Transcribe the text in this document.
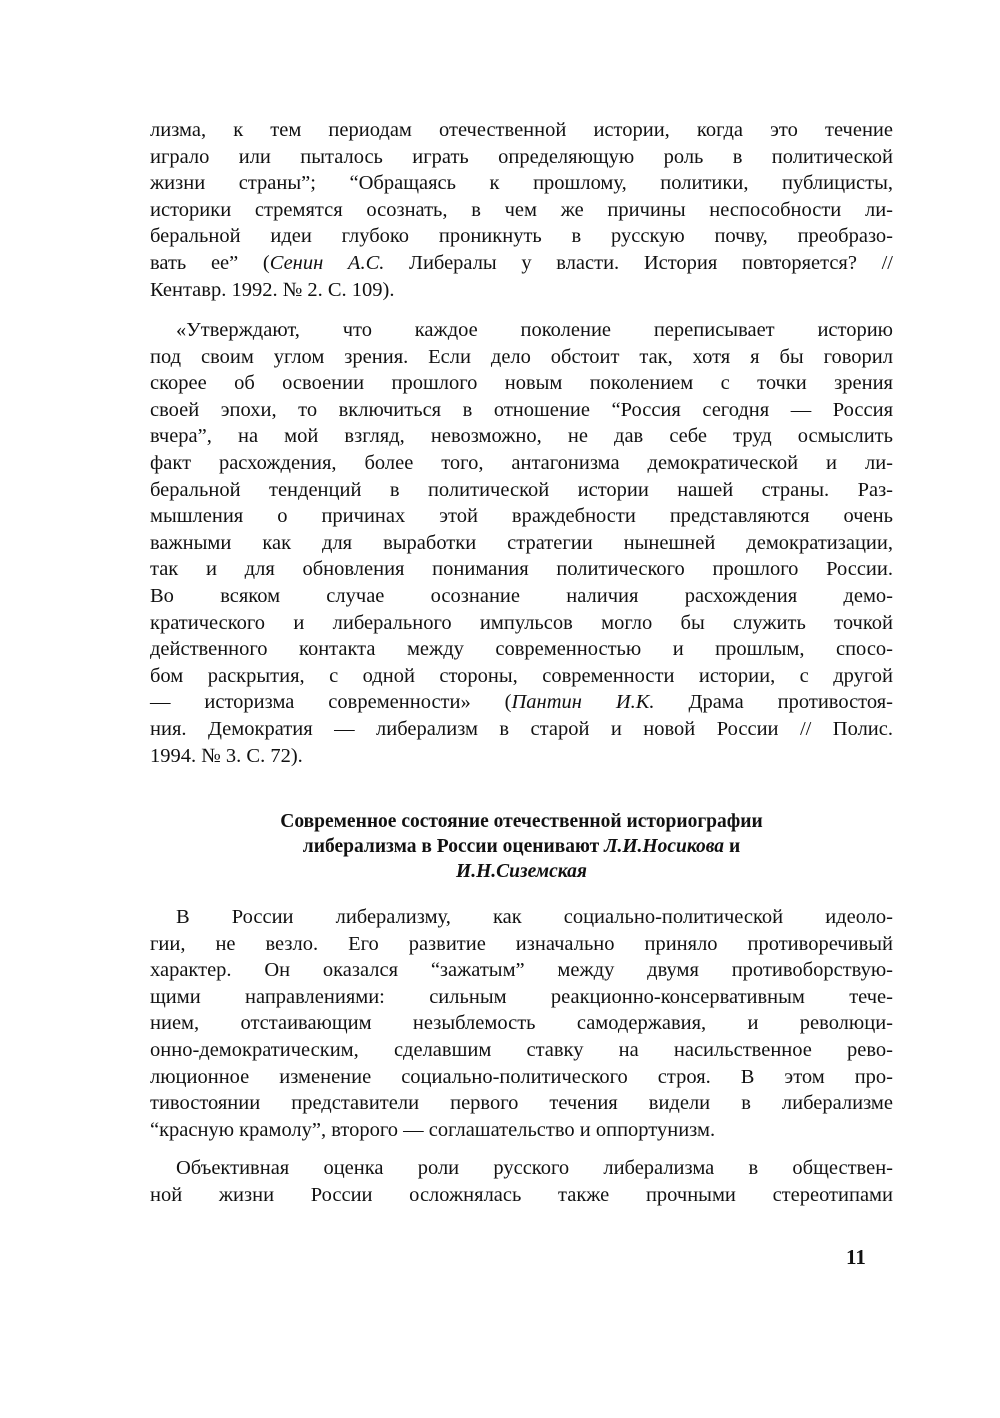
лизма, к тем периодам отечественной истории, когда это течение
играло или пыталось играть определяющую роль в политической
жизни страны”; “Обращаясь к прошлому, политики, публицисты,
историки стремятся осознать, в чем же причины неспособности ли-
беральной идеи глубоко проникнуть в русскую почву, преобразо-
вать ее” (Сенин А.С. Либералы у власти. История повторяется? //
Кентавр. 1992. № 2. С. 109).
«Утверждают, что каждое поколение переписывает историю
под своим углом зрения. Если дело обстоит так, хотя я бы говорил
скорее об освоении прошлого новым поколением с точки зрения
своей эпохи, то включиться в отношение “Россия сегодня — Россия
вчера”, на мой взгляд, невозможно, не дав себе труд осмыслить
факт расхождения, более того, антагонизма демократической и ли-
беральной тенденций в политической истории нашей страны. Раз-
мышления о причинах этой враждебности представляются очень
важными как для выработки стратегии нынешней демократизации,
так и для обновления понимания политического прошлого России.
Во всяком случае осознание наличия расхождения демо-
кратического и либерального импульсов могло бы служить точкой
действенного контакта между современностью и прошлым, спосо-
бом раскрытия, с одной стороны, современности истории, с другой
— историзма современности» (Пантин И.К. Драма противостоя-
ния. Демократия — либерализм в старой и новой России // Полис.
1994. № 3. С. 72).
Современное состояние отечественной историографии
либерализма в России оценивают Л.И.Носикова и
И.Н.Сиземская
В России либерализму, как социально-политической идеоло-
гии, не везло. Его развитие изначально приняло противоречивый
характер. Он оказался “зажатым” между двумя противоборствую-
щими направлениями: сильным реакционно-консервативным тече-
нием, отстаивающим незыблемость самодержавия, и революци-
онно-демократическим, сделавшим ставку на насильственное рево-
люционное изменение социально-политического строя. В этом про-
тивостоянии представители первого течения видели в либерализме
“красную крамолу”, второго — соглашательство и оппортунизм.
Объективная оценка роли русского либерализма в обществен-
ной жизни России осложнялась также прочными стереотипами
11
